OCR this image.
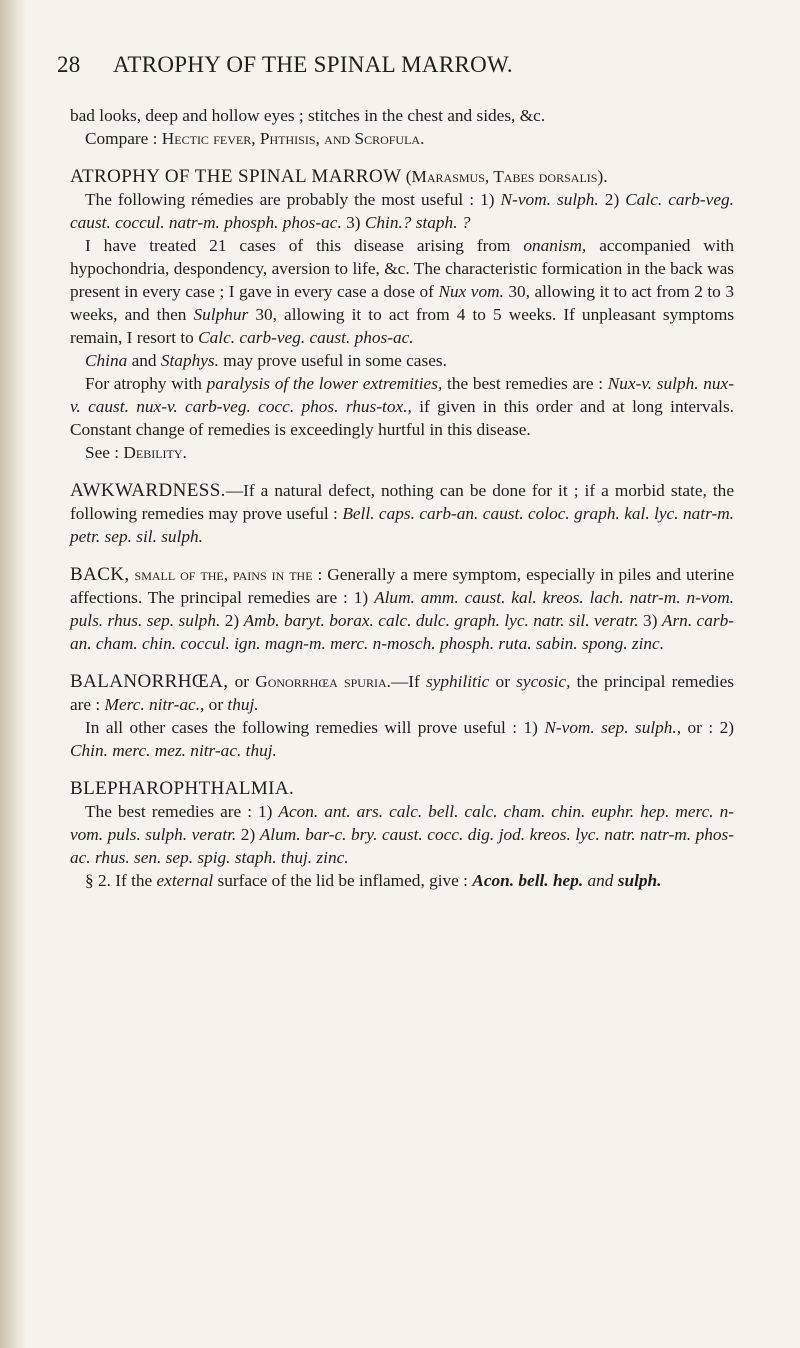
28 ATROPHY OF THE SPINAL MARROW.

bad looks, deep and hollow eyes ; stitches in the chest and sides, &c.

Compare : Hectic fever, Phthisis, and Scrofula.

ATROPHY OF THE SPINAL MARROW (Marasmus, Tabes dorsalis).

The following rémedies are probably the most useful : 1) N-vom. sulph. 2) Calc. carb-veg. caust. coccul. natr-m. phosph. phos-ac. 3) Chin.? staph. ?

I have treated 21 cases of this disease arising from onanism, accompanied with hypochondria, despondency, aversion to life, &c. The characteristic formication in the back was present in every case ; I gave in every case a dose of Nux vom. 30, allowing it to act from 2 to 3 weeks, and then Sulphur 30, allowing it to act from 4 to 5 weeks. If unpleasant symptoms remain, I resort to Calc. carb-veg. caust. phos-ac.

China and Staphys. may prove useful in some cases.

For atrophy with paralysis of the lower extremities, the best remedies are : Nux-v. sulph. nux-v. caust. nux-v. carb-veg. cocc. phos. rhus-tox., if given in this order and at long intervals. Constant change of remedies is exceedingly hurtful in this disease.

See : Debility.

AWKWARDNESS.—If a natural defect, nothing can be done for it ; if a morbid state, the following remedies may prove useful : Bell. caps. carb-an. caust. coloc. graph. kal. lyc. natr-m. petr. sep. sil. sulph.

BACK, small of the, pains in the : Generally a mere symptom, especially in piles and uterine affections. The principal remedies are : 1) Alum. amm. caust. kal. kreos. lach. natr-m. n-vom. puls. rhus. sep. sulph. 2) Amb. baryt. borax. calc. dulc. graph. lyc. natr. sil. veratr. 3) Arn. carb-an. cham. chin. coccul. ign. magn-m. merc. n-mosch. phosph. ruta. sabin. spong. zinc.

BALANORRHŒA, or Gonorrhœa spuria.—If syphilitic or sycosic, the principal remedies are : Merc. nitr-ac., or thuj.

In all other cases the following remedies will prove useful : 1) N-vom. sep. sulph., or : 2) Chin. merc. mez. nitr-ac. thuj.

BLEPHAROPHTHALMIA.

The best remedies are : 1) Acon. ant. ars. calc. bell. calc. cham. chin. euphr. hep. merc. n-vom. puls. sulph. veratr. 2) Alum. bar-c. bry. caust. cocc. dig. jod. kreos. lyc. natr. natr-m. phos-ac. rhus. sen. sep. spig. staph. thuj. zinc.

§ 2. If the external surface of the lid be inflamed, give : Acon. bell. hep. and sulph.
